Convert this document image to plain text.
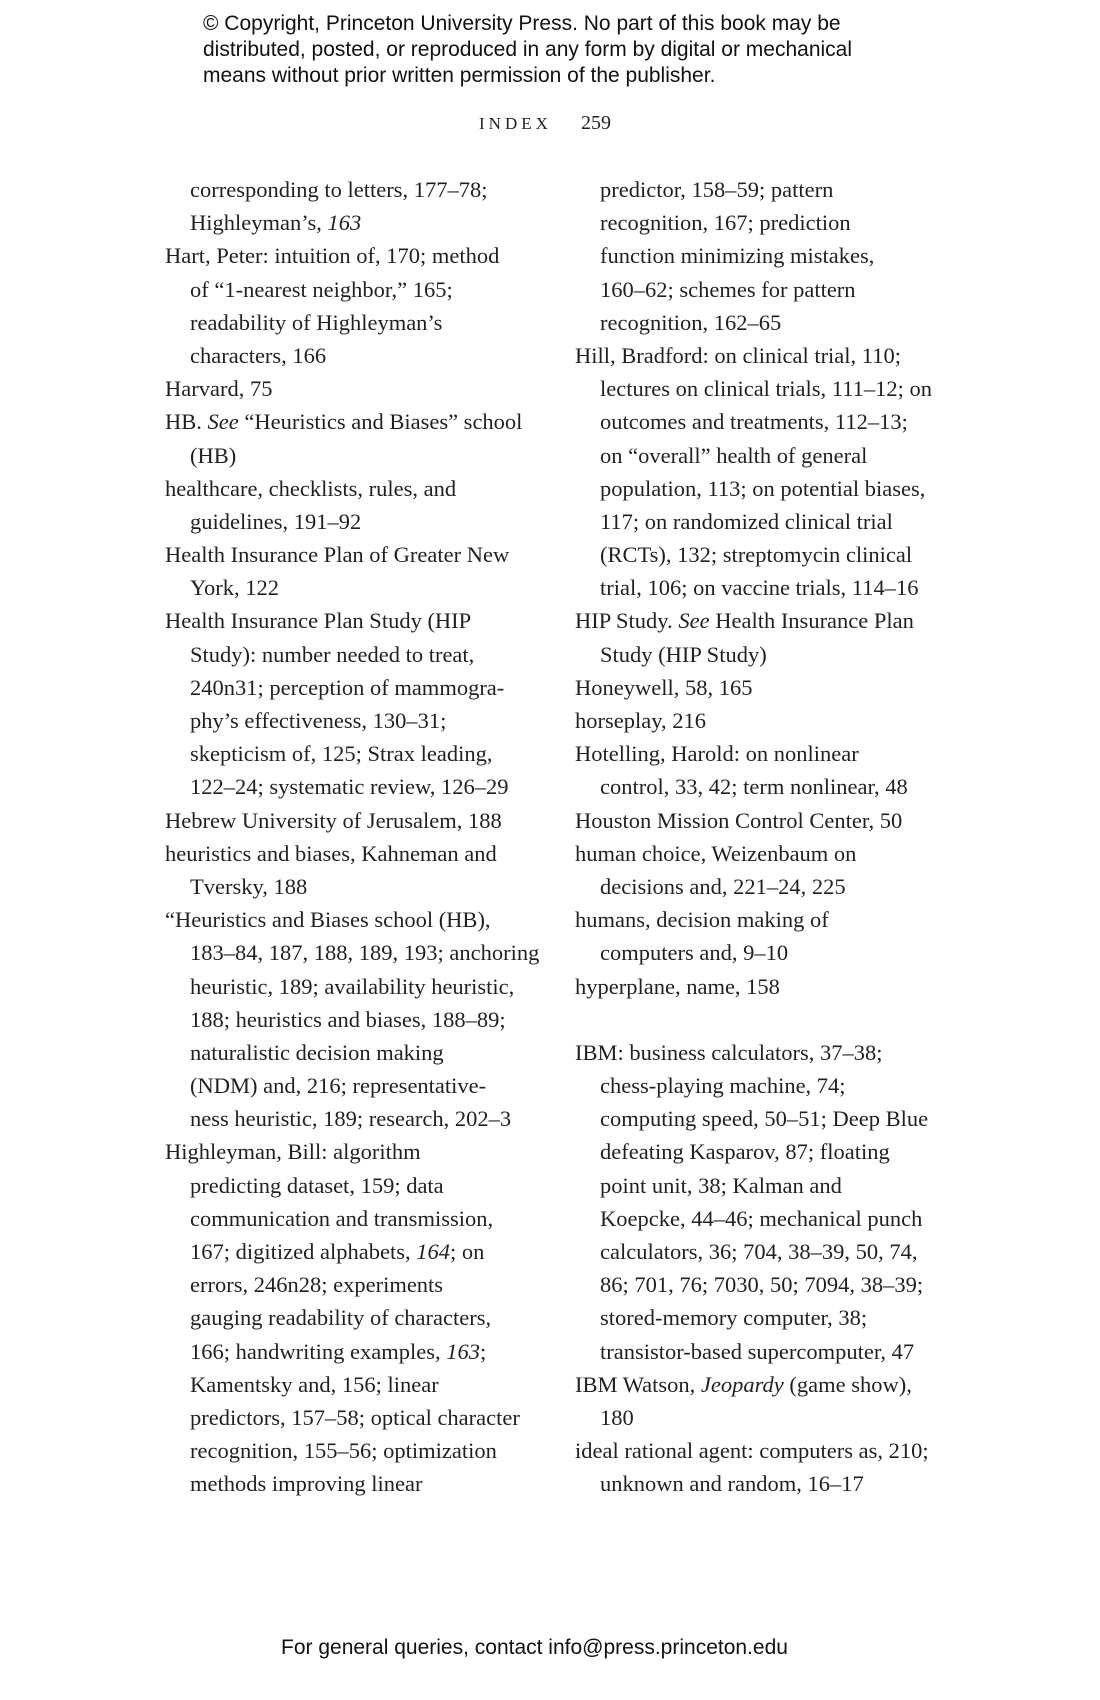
© Copyright, Princeton University Press. No part of this book may be
distributed, posted, or reproduced in any form by digital or mechanical
means without prior written permission of the publisher.
INDEX 259
corresponding to letters, 177–78;
Highleyman’s, 163
Hart, Peter: intuition of, 170; method
of “1-nearest neighbor,” 165;
readability of Highleyman’s
characters, 166
Harvard, 75
HB. See “Heuristics and Biases” school
(HB)
healthcare, checklists, rules, and
guidelines, 191–92
Health Insurance Plan of Greater New
York, 122
Health Insurance Plan Study (HIP
Study): number needed to treat,
240n31; perception of mammogra-
phy’s effectiveness, 130–31;
skepticism of, 125; Strax leading,
122–24; systematic review, 126–29
Hebrew University of Jerusalem, 188
heuristics and biases, Kahneman and
Tversky, 188
“Heuristics and Biases school (HB),
183–84, 187, 188, 189, 193; anchoring
heuristic, 189; availability heuristic,
188; heuristics and biases, 188–89;
naturalistic decision making
(NDM) and, 216; representative-
ness heuristic, 189; research, 202–3
Highleyman, Bill: algorithm
predicting dataset, 159; data
communication and transmission,
167; digitized alphabets, 164; on
errors, 246n28; experiments
gauging readability of characters,
166; handwriting examples, 163;
Kamentsky and, 156; linear
predictors, 157–58; optical character
recognition, 155–56; optimization
methods improving linear
predictor, 158–59; pattern
recognition, 167; prediction
function minimizing mistakes,
160–62; schemes for pattern
recognition, 162–65
Hill, Bradford: on clinical trial, 110;
lectures on clinical trials, 111–12; on
outcomes and treatments, 112–13;
on “overall” health of general
population, 113; on potential biases,
117; on randomized clinical trial
(RCTs), 132; streptomycin clinical
trial, 106; on vaccine trials, 114–16
HIP Study. See Health Insurance Plan
Study (HIP Study)
Honeywell, 58, 165
horseplay, 216
Hotelling, Harold: on nonlinear
control, 33, 42; term nonlinear, 48
Houston Mission Control Center, 50
human choice, Weizenbaum on
decisions and, 221–24, 225
humans, decision making of
computers and, 9–10
hyperplane, name, 158
IBM: business calculators, 37–38;
chess-playing machine, 74;
computing speed, 50–51; Deep Blue
defeating Kasparov, 87; floating
point unit, 38; Kalman and
Koepcke, 44–46; mechanical punch
calculators, 36; 704, 38–39, 50, 74,
86; 701, 76; 7030, 50; 7094, 38–39;
stored-memory computer, 38;
transistor-based supercomputer, 47
IBM Watson, Jeopardy (game show),
180
ideal rational agent: computers as, 210;
unknown and random, 16–17
For general queries, contact info@press.princeton.edu
